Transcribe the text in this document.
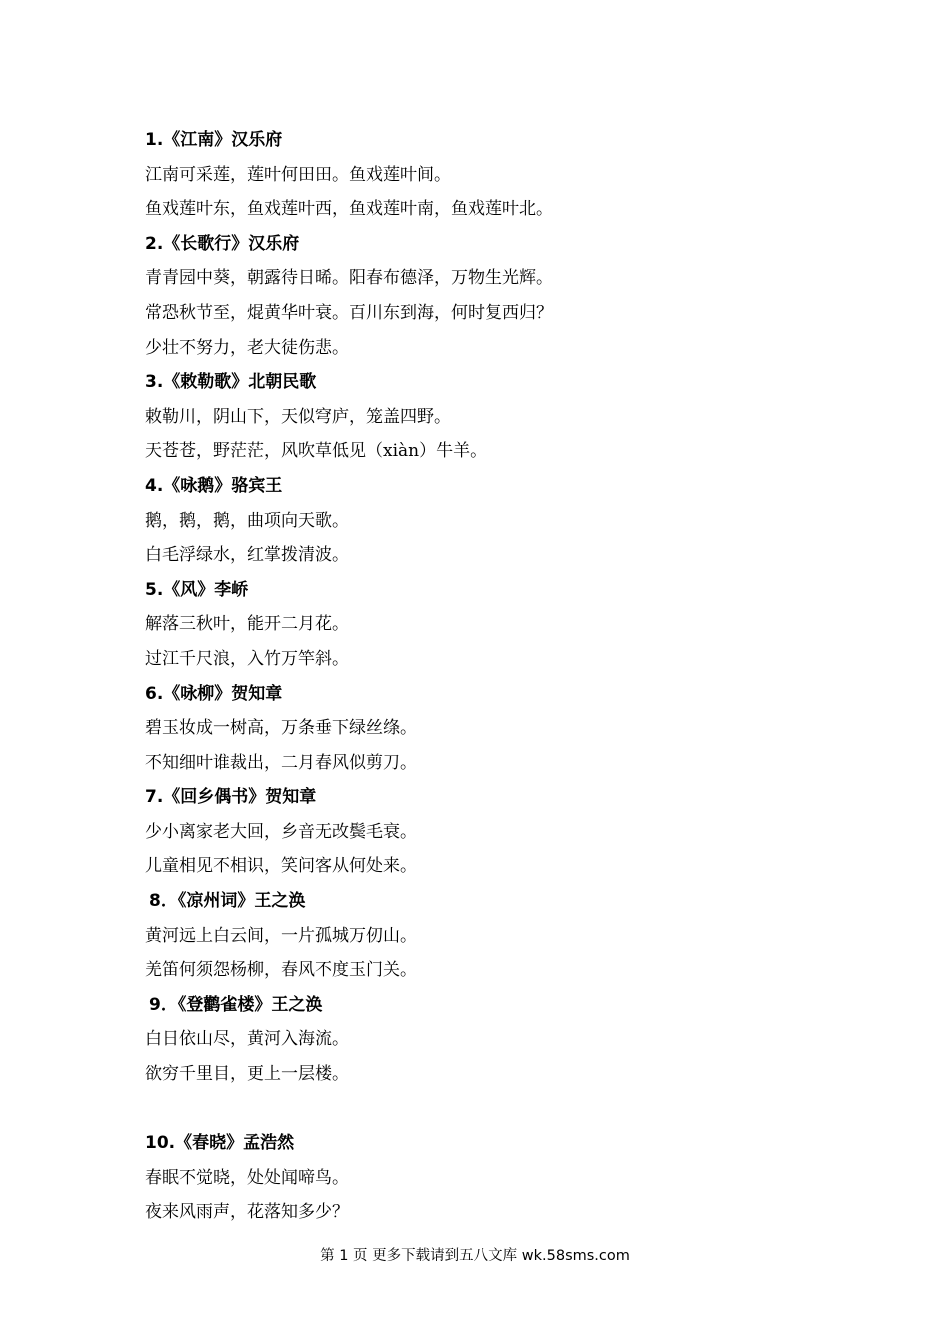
1.《江南》汉乐府
江南可采莲，莲叶何田田。鱼戏莲叶间。
鱼戏莲叶东，鱼戏莲叶西，鱼戏莲叶南，鱼戏莲叶北。
2.《长歌行》汉乐府
青青园中葵，朝露待日晞。阳春布德泽，万物生光辉。
常恐秋节至，焜黄华叶衰。百川东到海，何时复西归？
少壮不努力，老大徒伤悲。
3.《敕勒歌》北朝民歌
敕勒川，阴山下，天似穹庐，笼盖四野。
天苍苍，野茫茫，风吹草低见（xiàn）牛羊。
4.《咏鹅》骆宾王
鹅，鹅，鹅，曲项向天歌。
白毛浮绿水，红掌拨清波。
5.《风》李峤
解落三秋叶，能开二月花。
过江千尺浪，入竹万竿斜。
6.《咏柳》贺知章
碧玉妆成一树高，万条垂下绿丝绦。
不知细叶谁裁出，二月春风似剪刀。
7.《回乡偶书》贺知章
少小离家老大回，乡音无改鬓毛衰。
儿童相见不相识，笑问客从何处来。
8．《凉州词》王之涣
黄河远上白云间，一片孤城万仞山。
羌笛何须怨杨柳，春风不度玉门关。
9．《登鹳雀楼》王之涣
白日依山尽，黄河入海流。
欲穷千里目，更上一层楼。
10.《春晓》孟浩然
春眠不觉晓，处处闻啼鸟。
夜来风雨声，花落知多少？
第 1 页 更多下载请到五八文库 wk.58sms.com
